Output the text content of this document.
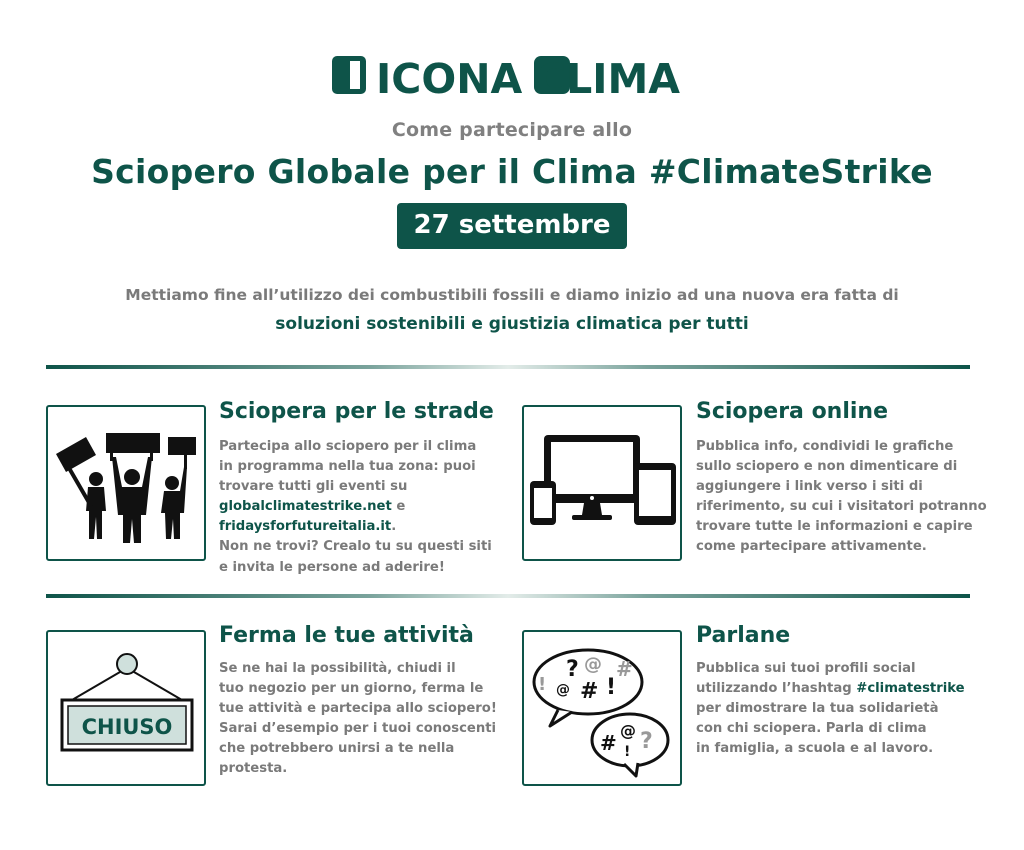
ICONA CLIMA
Come partecipare allo
Sciopero Globale per il Clima #ClimateStrike
27 settembre
Mettiamo fine all’utilizzo dei combustibili fossili e diamo inizio ad una nuova era fatta di
soluzioni sostenibili e giustizia climatica per tutti
Sciopera per le strade
Partecipa allo sciopero per il clima
in programma nella tua zona: puoi
trovare tutti gli eventi su
globalclimatestrike.net e
fridaysforfutureitalia.it.
Non ne trovi? Crealo tu su questi siti
e invita le persone ad aderire!
Sciopera online
Pubblica info, condividi le grafiche
sullo sciopero e non dimenticare di
aggiungere i link verso i siti di
riferimento, su cui i visitatori potranno
trovare tutte le informazioni e capire
come partecipare attivamente.
CHIUSO
Ferma le tue attività
Se ne hai la possibilità, chiudi il
tuo negozio per un giorno, ferma le
tue attività e partecipa allo sciopero!
Sarai d’esempio per i tuoi conoscenti
che potrebbero unirsi a te nella
protesta.
!
? @
@ # !
#
#
@
! ?
Parlane
Pubblica sui tuoi profili social
utilizzando l’hashtag #climatestrike
per dimostrare la tua solidarietà
con chi sciopera. Parla di clima
in famiglia, a scuola e al lavoro.
